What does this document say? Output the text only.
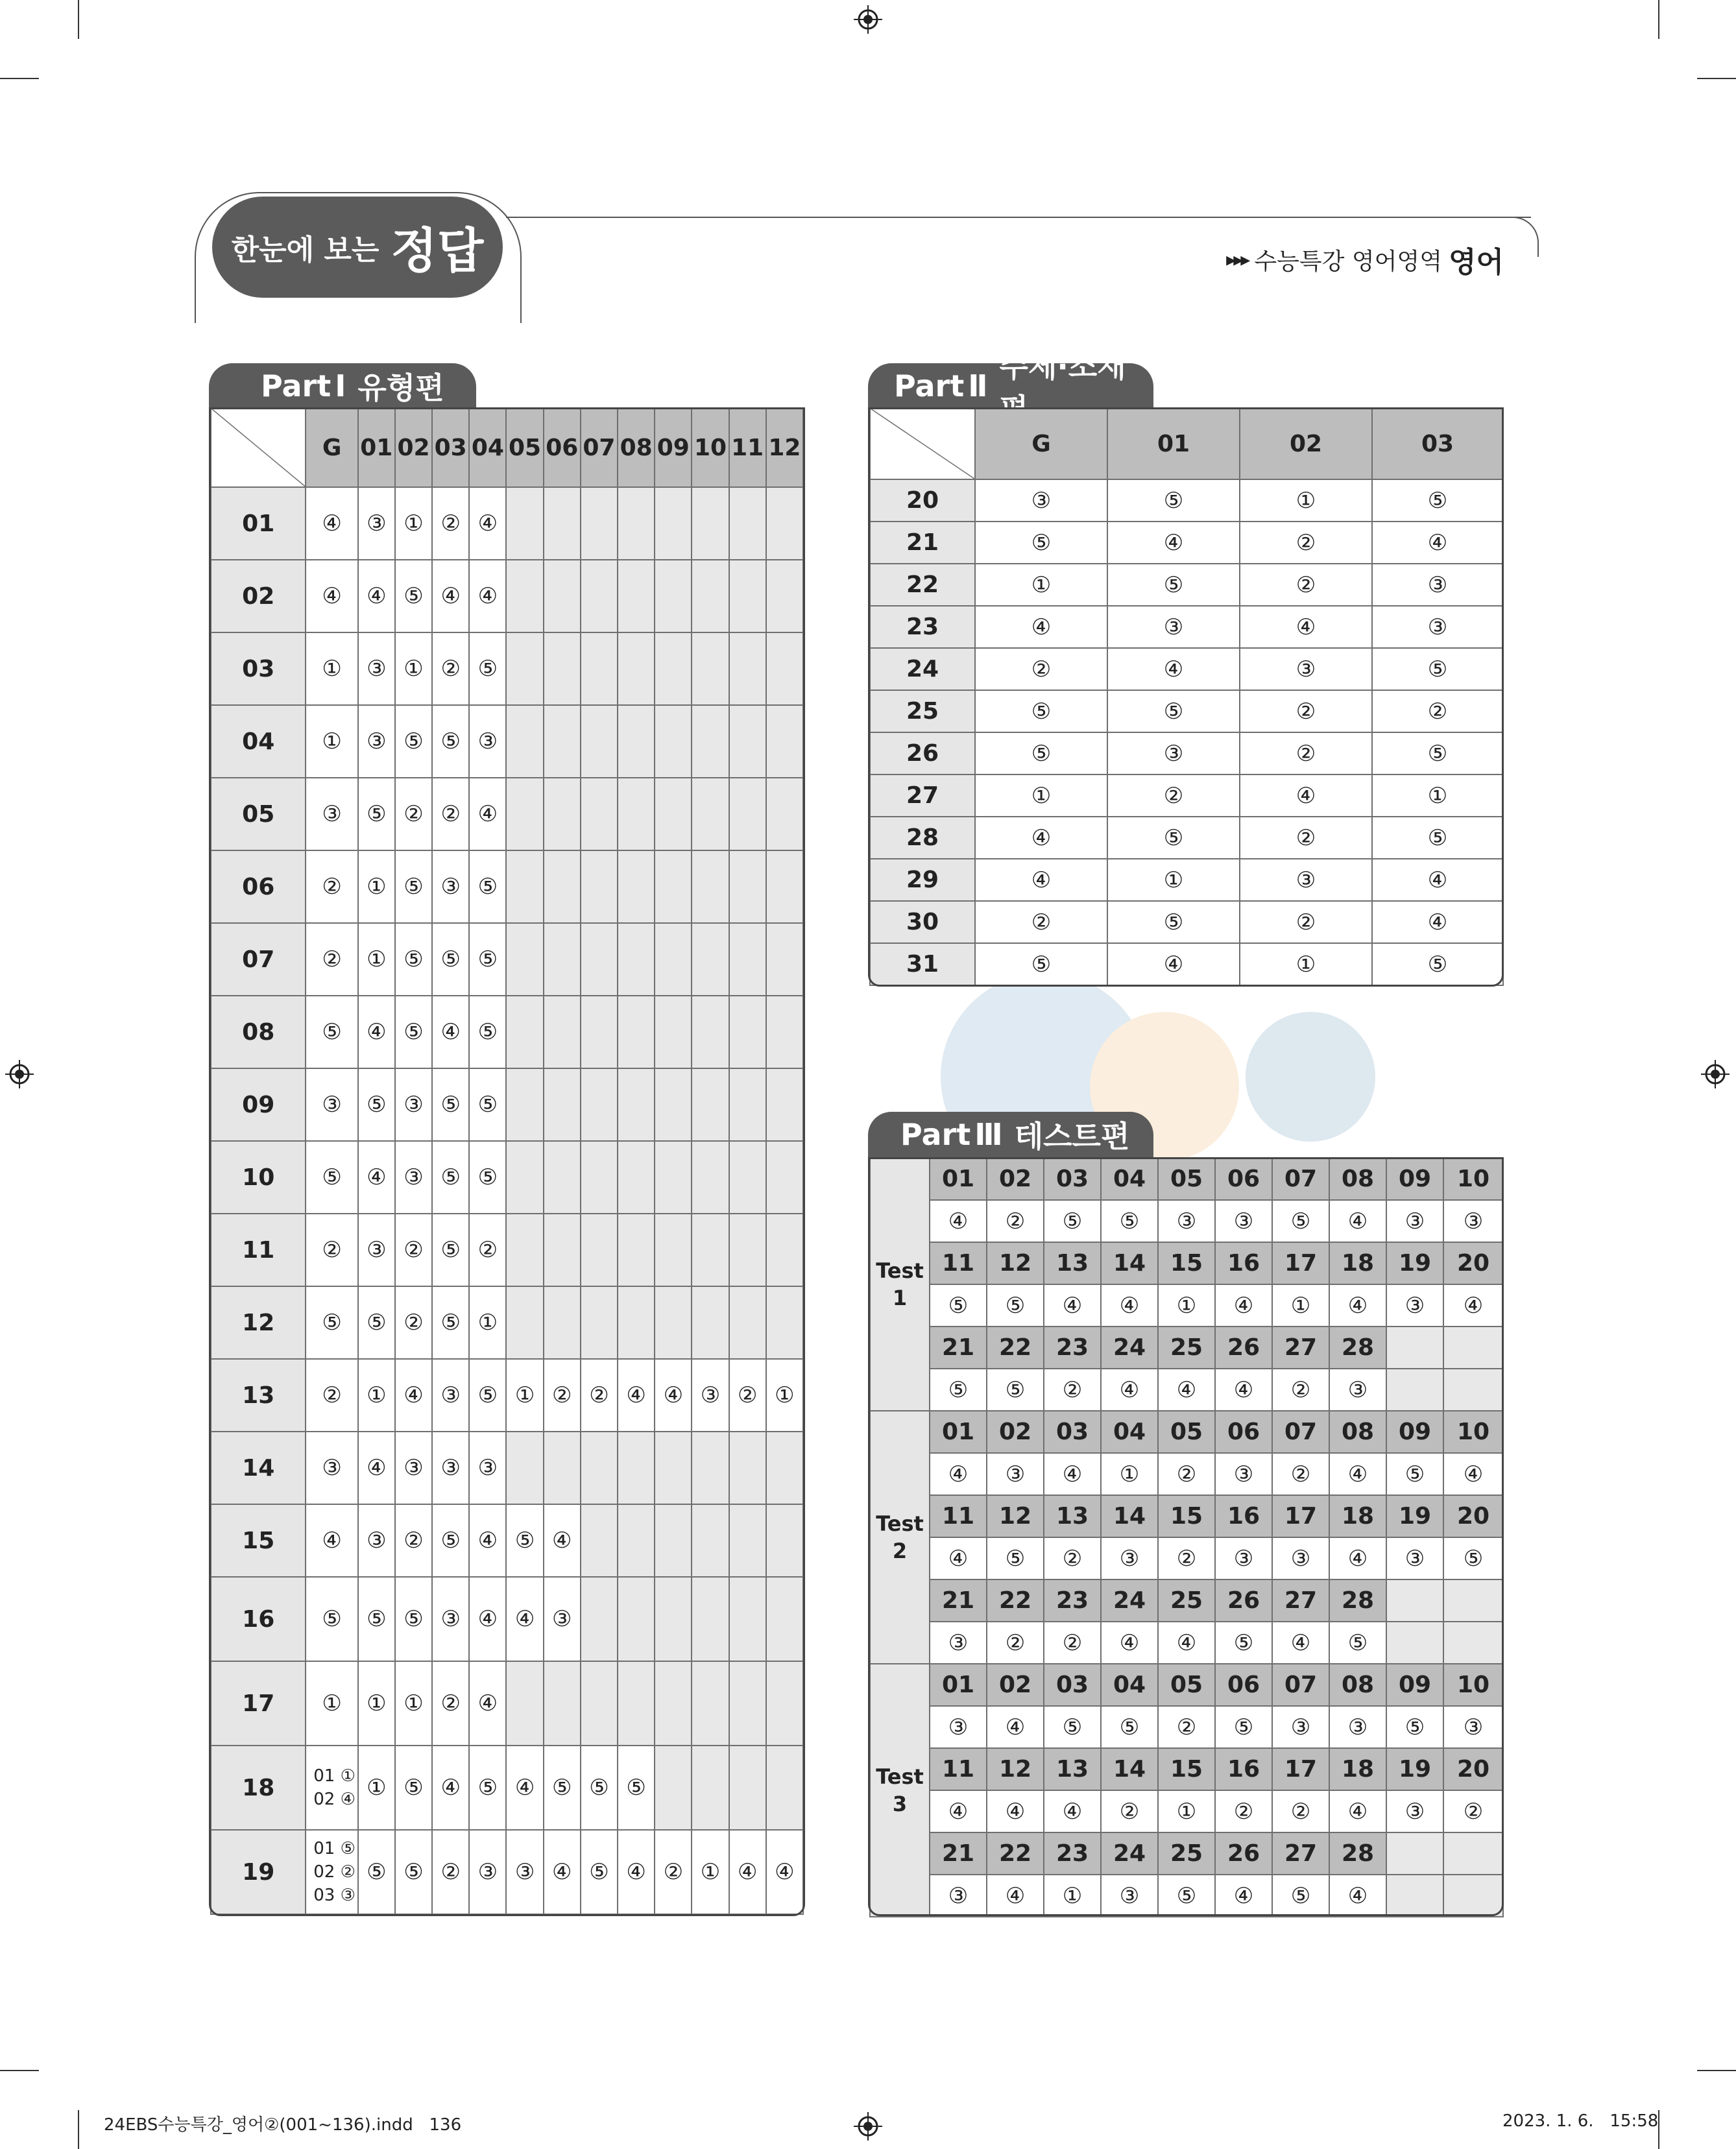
한눈에 보는 정답	▸▸▸ 수능특강 영어영역 영어
Part Ⅰ 유형편
	G	01	02	03	04	05	06	07	08	09	10	11	12
01	④	③	①	②	④								
02	④	④	⑤	④	④								
03	①	③	①	②	⑤								
04	①	③	⑤	⑤	③								
05	③	⑤	②	②	④								
06	②	①	⑤	③	⑤								
07	②	①	⑤	⑤	⑤								
08	⑤	④	⑤	④	⑤								
09	③	⑤	③	⑤	⑤								
10	⑤	④	③	⑤	⑤								
11	②	③	②	⑤	②								
12	⑤	⑤	②	⑤	①								
13	②	①	④	③	⑤	①	②	②	④	④	③	②	①
14	③	④	③	③	③								
15	④	③	②	⑤	④	⑤	④						
16	⑤	⑤	⑤	③	④	④	③						
17	①	①	①	②	④								
18	01 ①
02 ④	①	⑤	④	⑤	④	⑤	⑤	⑤				
19	01 ⑤
02 ②
03 ③	⑤	⑤	②	③	③	④	⑤	④	②	①	④	④
Part Ⅱ
주제·소재
	G	01	02	03
20	③	⑤	①	⑤
21	⑤	④	②	④
22	①	⑤	②	③
23	④	③	④	③
24	②	④	③	⑤
25	⑤	⑤	②	②
26	⑤	③	②	⑤
27	①	②	④	①
28	④	⑤	②	⑤
29	④	①	③	④
30	②	⑤	②	④
31	⑤	④	①	⑤
Part Ⅲ 테스트편
Test
1	01	02	03	04	05	06	07	08	09	10
	④	②	⑤	⑤	③	③	⑤	④	③	③
	11	12	13	14	15	16	17	18	19	20
	⑤	⑤	④	④	①	④	①	④	③	④
	21	22	23	24	25	26	27	28		
	⑤	⑤	②	④	④	④	②	③		
Test
2	01	02	03	04	05	06	07	08	09	10
	④	③	④	①	②	③	②	④	⑤	④
	11	12	13	14	15	16	17	18	19	20
	④	⑤	②	③	②	③	③	④	③	⑤
	21	22	23	24	25	26	27	28		
	③	②	②	④	④	⑤	④	⑤		
Test
3	01	02	03	04	05	06	07	08	09	10
	③	④	⑤	⑤	②	⑤	③	③	⑤	③
	11	12	13	14	15	16	17	18	19	20
	④	④	④	②	①	②	②	④	③	②
	21	22	23	24	25	26	27	28		
	③	④	①	③	⑤	④	⑤	④		
24EBS수능특강_영어②(001~136).indd   136	2023. 1. 6.   15:58
